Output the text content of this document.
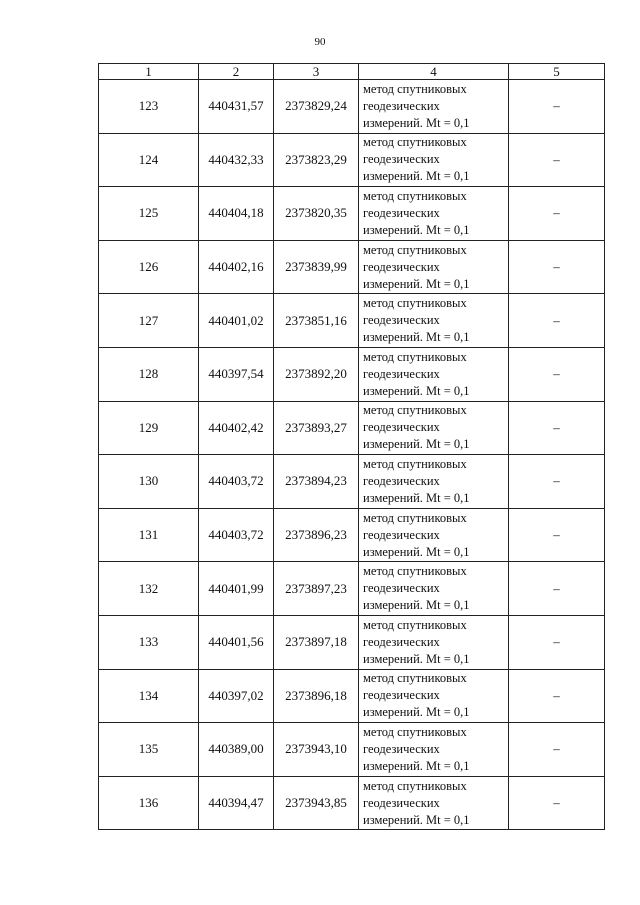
90
1	2	3	4	5
123	440431,57	2373829,24	метод спутниковых
геодезических
измерений. Mt = 0,1	–
124	440432,33	2373823,29	метод спутниковых
геодезических
измерений. Mt = 0,1	–
125	440404,18	2373820,35	метод спутниковых
геодезических
измерений. Mt = 0,1	–
126	440402,16	2373839,99	метод спутниковых
геодезических
измерений. Mt = 0,1	–
127	440401,02	2373851,16	метод спутниковых
геодезических
измерений. Mt = 0,1	–
128	440397,54	2373892,20	метод спутниковых
геодезических
измерений. Mt = 0,1	–
129	440402,42	2373893,27	метод спутниковых
геодезических
измерений. Mt = 0,1	–
130	440403,72	2373894,23	метод спутниковых
геодезических
измерений. Mt = 0,1	–
131	440403,72	2373896,23	метод спутниковых
геодезических
измерений. Mt = 0,1	–
132	440401,99	2373897,23	метод спутниковых
геодезических
измерений. Mt = 0,1	–
133	440401,56	2373897,18	метод спутниковых
геодезических
измерений. Mt = 0,1	–
134	440397,02	2373896,18	метод спутниковых
геодезических
измерений. Mt = 0,1	–
135	440389,00	2373943,10	метод спутниковых
геодезических
измерений. Mt = 0,1	–
136	440394,47	2373943,85	метод спутниковых
геодезических
измерений. Mt = 0,1	–
